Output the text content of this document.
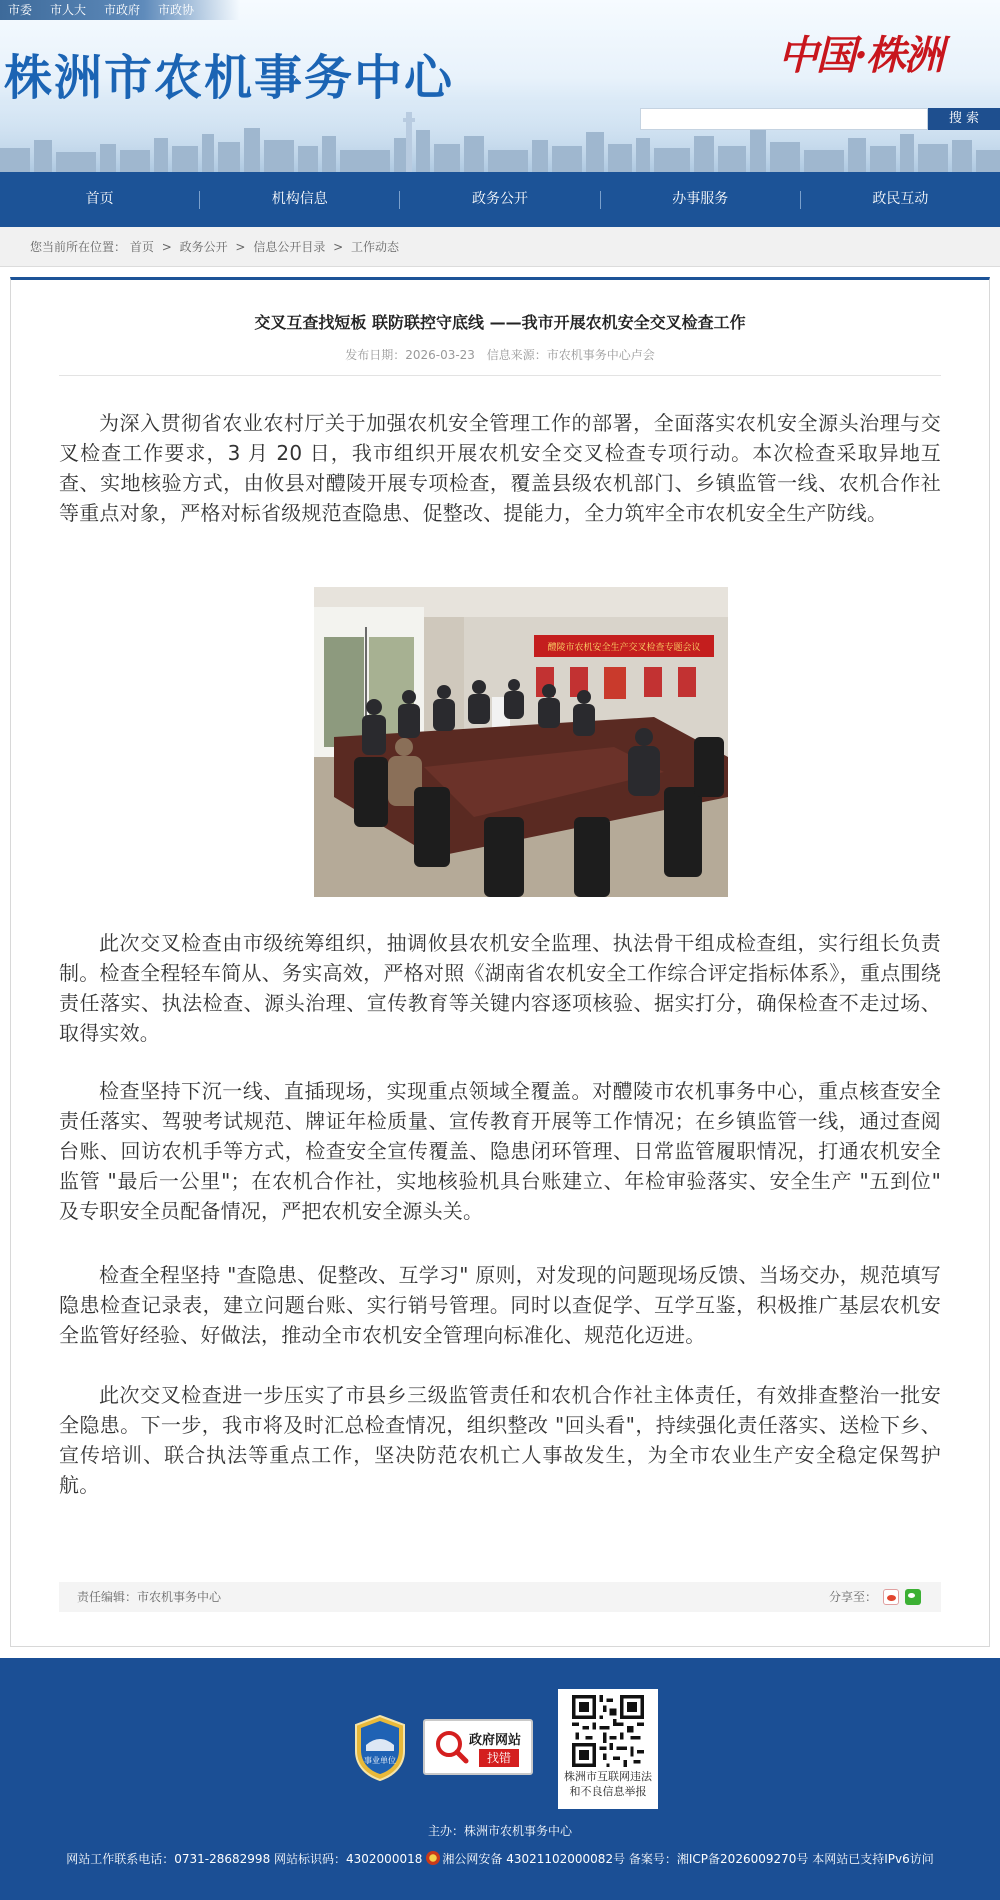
市委 市人大 市政府 市政协
株洲市农机事务中心	中国·株洲
搜 索
首页	机构信息	政务公开	办事服务	政民互动
您当前所在位置： 首页 > 政务公开 > 信息公开目录 > 工作动态
交叉互查找短板 联防联控守底线 ——我市开展农机安全交叉检查工作
发布日期：2026-03-23 信息来源：市农机事务中心卢会

为深入贯彻省农业农村厅关于加强农机安全管理工作的部署，全面落实农机安全源头治理与交叉检查工作要求，3 月 20 日，我市组织开展农机安全交叉检查专项行动。本次检查采取异地互查、实地核验方式，由攸县对醴陵开展专项检查，覆盖县级农机部门、乡镇监管一线、农机合作社等重点对象，严格对标省级规范查隐患、促整改、提能力，全力筑牢全市农机安全生产防线。

醴陵市农机安全生产交叉检查专题会议

此次交叉检查由市级统筹组织，抽调攸县农机安全监理、执法骨干组成检查组，实行组长负责制。检查全程轻车简从、务实高效，严格对照《湖南省农机安全工作综合评定指标体系》，重点围绕责任落实、执法检查、源头治理、宣传教育等关键内容逐项核验、据实打分，确保检查不走过场、取得实效。

检查坚持下沉一线、直插现场，实现重点领域全覆盖。对醴陵市农机事务中心，重点核查安全责任落实、驾驶考试规范、牌证年检质量、宣传教育开展等工作情况；在乡镇监管一线，通过查阅台账、回访农机手等方式，检查安全宣传覆盖、隐患闭环管理、日常监管履职情况，打通农机安全监管 "最后一公里"；在农机合作社，实地核验机具台账建立、年检审验落实、安全生产 "五到位" 及专职安全员配备情况，严把农机安全源头关。

检查全程坚持 "查隐患、促整改、互学习" 原则，对发现的问题现场反馈、当场交办，规范填写隐患检查记录表，建立问题台账、实行销号管理。同时以查促学、互学互鉴，积极推广基层农机安全监管好经验、好做法，推动全市农机安全管理向标准化、规范化迈进。

此次交叉检查进一步压实了市县乡三级监管责任和农机合作社主体责任，有效排查整治一批安全隐患。下一步，我市将及时汇总检查情况，组织整改 "回头看"，持续强化责任落实、送检下乡、宣传培训、联合执法等重点工作，坚决防范农机亡人事故发生，为全市农业生产安全稳定保驾护航。

责任编辑：市农机事务中心	分享至：
事业单位
政府网站
找错
株洲市互联网违法
和不良信息举报
主办：株洲市农机事务中心
网站工作联系电话：0731-28682998 网站标识码：4302000018 湘公网安备 43021102000082号 备案号：湘ICP备2026009270号 本网站已支持IPv6访问
